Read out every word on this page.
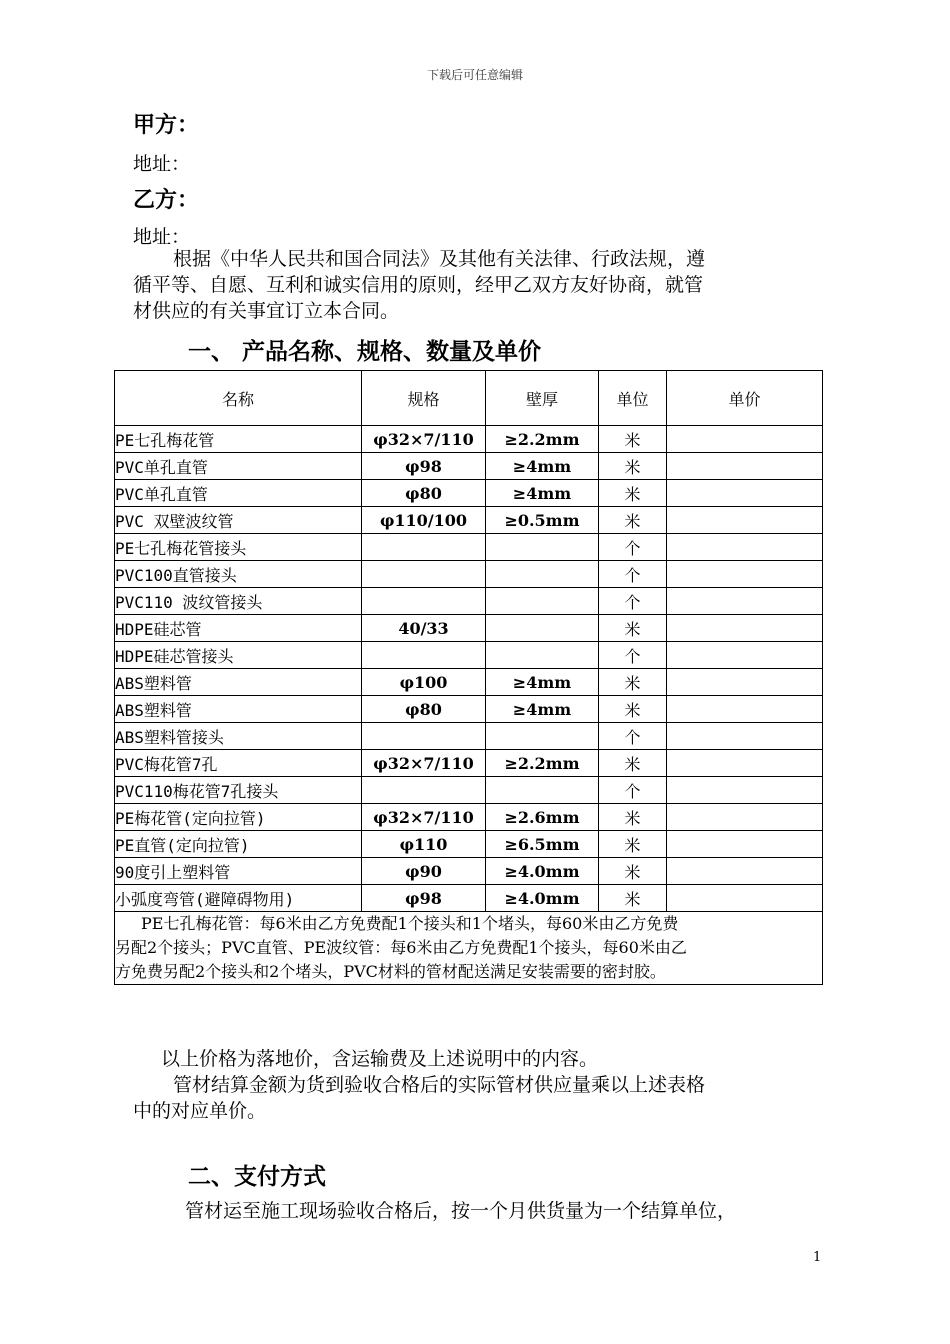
下载后可任意编辑
甲方：
地址：
乙方：
地址：
根据《中华人民共和国合同法》及其他有关法律、行政法规，遵
循平等、自愿、互利和诚实信用的原则，经甲乙双方友好协商，就管
材供应的有关事宜订立本合同。
一、 产品名称、规格、数量及单价
名称	规格	壁厚	单位	单价
PE七孔梅花管	φ32×7/110	≥2.2mm	米	
PVC单孔直管	φ98	≥4mm	米	
PVC单孔直管	φ80	≥4mm	米	
PVC 双壁波纹管	φ110/100	≥0.5mm	米	
PE七孔梅花管接头			个	
PVC100直管接头			个	
PVC110 波纹管接头			个	
HDPE硅芯管	40/33		米	
HDPE硅芯管接头			个	
ABS塑料管	φ100	≥4mm	米	
ABS塑料管	φ80	≥4mm	米	
ABS塑料管接头			个	
PVC梅花管7孔	φ32×7/110	≥2.2mm	米	
PVC110梅花管7孔接头			个	
PE梅花管(定向拉管)	φ32×7/110	≥2.6mm	米	
PE直管(定向拉管)	φ110	≥6.5mm	米	
90度引上塑料管	φ90	≥4.0mm	米	
小弧度弯管(避障碍物用)	φ98	≥4.0mm	米	

PE七孔梅花管：每6米由乙方免费配1个接头和1个堵头，每60米由乙方免费
另配2个接头；PVC直管、PE波纹管：每6米由乙方免费配1个接头，每60米由乙
方免费另配2个接头和2个堵头，PVC材料的管材配送满足安装需要的密封胶。				
以上价格为落地价，含运输费及上述说明中的内容。
管材结算金额为货到验收合格后的实际管材供应量乘以上述表格
中的对应单价。
二、支付方式
管材运至施工现场验收合格后，按一个月供货量为一个结算单位，
1
